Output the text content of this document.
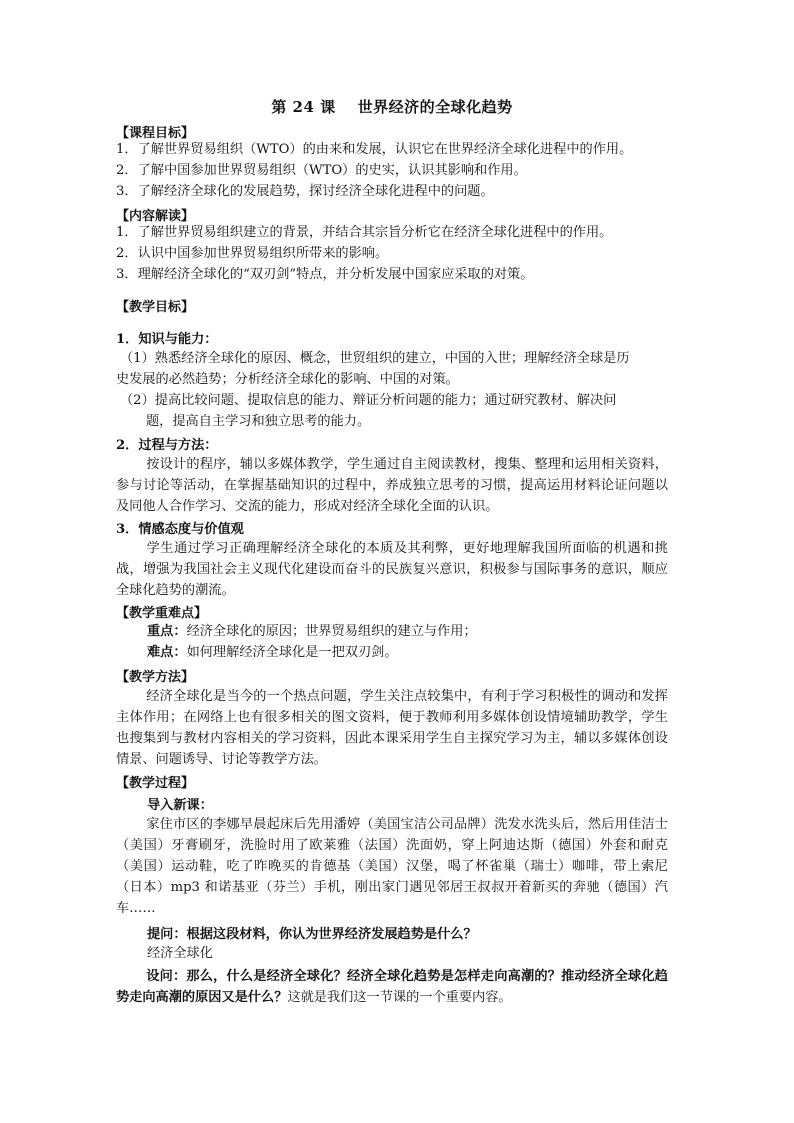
第 24 课 世界经济的全球化趋势
【课程目标】
1．了解世界贸易组织（WTO）的由来和发展，认识它在世界经济全球化进程中的作用。
2．了解中国参加世界贸易组织（WTO）的史实，认识其影响和作用。
3．了解经济全球化的发展趋势，探讨经济全球化进程中的问题。
【内容解读】
1．了解世界贸易组织建立的背景，并结合其宗旨分析它在经济全球化进程中的作用。
2．认识中国参加世界贸易组织所带来的影响。
3．理解经济全球化的“双刃剑”特点，并分析发展中国家应采取的对策。
【教学目标】
1．知识与能力：
（1）熟悉经济全球化的原因、概念，世贸组织的建立，中国的入世；理解经济全球是历
史发展的必然趋势；分析经济全球化的影响、中国的对策。
（2）提高比较问题、提取信息的能力、辩证分析问题的能力；通过研究教材、解决问
题，提高自主学习和独立思考的能力。
2．过程与方法：
按设计的程序，辅以多媒体教学，学生通过自主阅读教材，搜集、整理和运用相关资料，参与讨论等活动，在掌握基础知识的过程中，养成独立思考的习惯，提高运用材料论证问题以及同他人合作学习、交流的能力，形成对经济全球化全面的认识。
3．情感态度与价值观
学生通过学习正确理解经济全球化的本质及其利弊，更好地理解我国所面临的机遇和挑战，增强为我国社会主义现代化建设而奋斗的民族复兴意识，积极参与国际事务的意识，顺应全球化趋势的潮流。
【教学重难点】
重点：经济全球化的原因；世界贸易组织的建立与作用；
难点：如何理解经济全球化是一把双刃剑。
【教学方法】
经济全球化是当今的一个热点问题，学生关注点较集中，有利于学习积极性的调动和发挥主体作用；在网络上也有很多相关的图文资料，便于教师利用多媒体创设情境辅助教学，学生也搜集到与教材内容相关的学习资料，因此本课采用学生自主探究学习为主，辅以多媒体创设情景、问题诱导、讨论等教学方法。
【教学过程】
导入新课：
家住市区的李娜早晨起床后先用潘婷（美国宝洁公司品牌）洗发水洗头后，然后用佳洁士（美国）牙膏刷牙，洗脸时用了欧莱雅（法国）洗面奶，穿上阿迪达斯（德国）外套和耐克（美国）运动鞋，吃了昨晚买的肯德基（美国）汉堡，喝了杯雀巢（瑞士）咖啡，带上索尼（日本）mp3 和诺基亚（芬兰）手机，刚出家门遇见邻居王叔叔开着新买的奔驰（德国）汽车……
提问：根据这段材料，你认为世界经济发展趋势是什么？
经济全球化
设问：那么，什么是经济全球化？经济全球化趋势是怎样走向高潮的？推动经济全球化趋势走向高潮的原因又是什么？这就是我们这一节课的一个重要内容。
